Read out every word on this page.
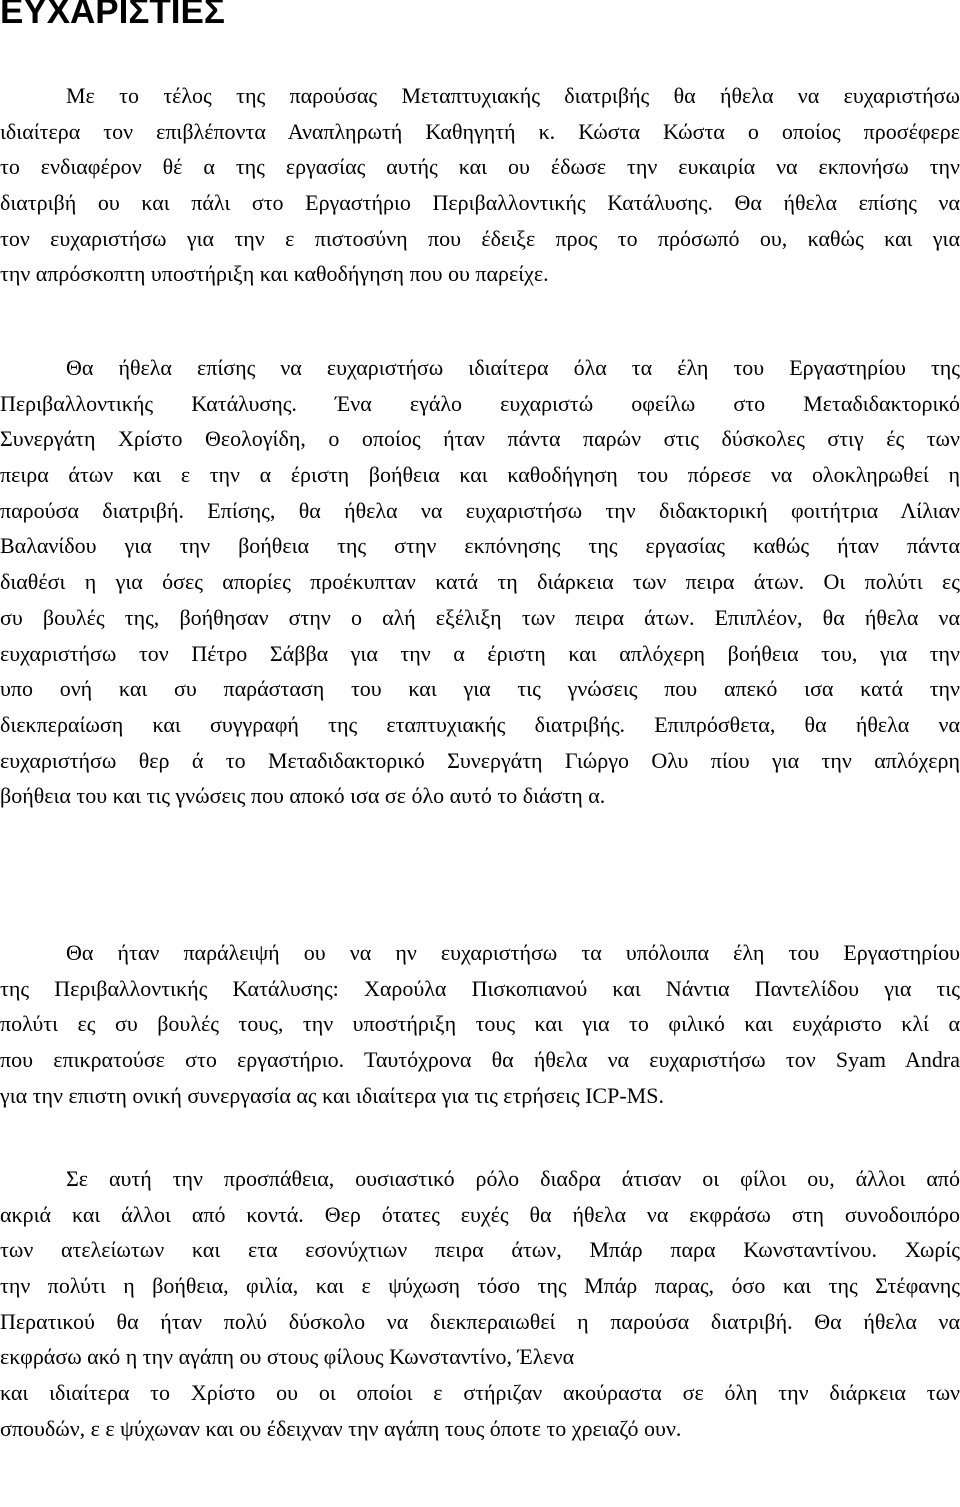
ΕΥΧΑΡΙΣΤΙΕΣ
Με το τέλος της παρούσας Μεταπτυχιακής διατριβής θα ήθελα να ευχαριστήσω
ιδιαίτερα τον επιβλέποντα Αναπληρωτή Καθηγητή κ. Κώστα Κώστα ο οποίος προσέφερε
το ενδιαφέρον θέ α της εργασίας αυτής και ου έδωσε την ευκαιρία να εκπονήσω την
διατριβή ου και πάλι στο Εργαστήριο Περιβαλλοντικής Κατάλυσης. Θα ήθελα επίσης να
τον ευχαριστήσω για την ε πιστοσύνη που έδειξε προς το πρόσωπό ου, καθώς και για
την απρόσκοπτη υποστήριξη και καθοδήγηση που ου παρείχε.
Θα ήθελα επίσης να ευχαριστήσω ιδιαίτερα όλα τα έλη του Εργαστηρίου της
Περιβαλλοντικής Κατάλυσης. Ένα εγάλο ευχαριστώ οφείλω στο Μεταδιδακτορικό
Συνεργάτη Χρίστο Θεολογίδη, ο οποίος ήταν πάντα παρών στις δύσκολες στιγ ές των
πειρα άτων και ε την α έριστη βοήθεια και καθοδήγηση του πόρεσε να ολοκληρωθεί η
παρούσα διατριβή. Επίσης, θα ήθελα να ευχαριστήσω την διδακτορική φοιτήτρια Λίλιαν
Βαλανίδου για την βοήθεια της στην εκπόνησης της εργασίας καθώς ήταν πάντα
διαθέσι η για όσες απορίες προέκυπταν κατά τη διάρκεια των πειρα άτων. Οι πολύτι ες
συ βουλές της, βοήθησαν στην ο αλή εξέλιξη των πειρα άτων. Επιπλέον, θα ήθελα να
ευχαριστήσω τον Πέτρο Σάββα για την α έριστη και απλόχερη βοήθεια του, για την
υπο ονή και συ παράσταση του και για τις γνώσεις που απεκό ισα κατά την
διεκπεραίωση και συγγραφή της εταπτυχιακής διατριβής. Επιπρόσθετα, θα ήθελα να
ευχαριστήσω θερ ά το Μεταδιδακτορικό Συνεργάτη Γιώργο Ολυ πίου για την απλόχερη
βοήθεια του και τις γνώσεις που αποκό ισα σε όλο αυτό το διάστη α.
Θα ήταν παράλειψή ου να ην ευχαριστήσω τα υπόλοιπα έλη του Εργαστηρίου
της Περιβαλλοντικής Κατάλυσης: Χαρούλα Πισκοπιανού και Νάντια Παντελίδου για τις
πολύτι ες συ βουλές τους, την υποστήριξη τους και για το φιλικό και ευχάριστο κλί α
που επικρατούσε στο εργαστήριο. Ταυτόχρονα θα ήθελα να ευχαριστήσω τον Syam Andra
για την επιστη ονική συνεργασία ας και ιδιαίτερα για τις ετρήσεις ICP-MS.
Σε αυτή την προσπάθεια, ουσιαστικό ρόλο διαδρα άτισαν οι φίλοι ου, άλλοι από
ακριά και άλλοι από κοντά. Θερ ότατες ευχές θα ήθελα να εκφράσω στη συνοδοιπόρο
των ατελείωτων και ετα εσονύχτιων πειρα άτων, Μπάρ παρα Κωνσταντίνου. Χωρίς
την πολύτι η βοήθεια, φιλία, και ε ψύχωση τόσο της Μπάρ παρας, όσο και της Στέφανης
Περατικού θα ήταν πολύ δύσκολο να διεκπεραιωθεί η παρούσα διατριβή. Θα ήθελα να
εκφράσω ακό η την αγάπη ου στους φίλους Κωνσταντίνο, Έλενα
και ιδιαίτερα το Χρίστο ου οι οποίοι ε στήριζαν ακούραστα σε όλη την διάρκεια των
σπουδών, ε ε ψύχωναν και ου έδειχναν την αγάπη τους όποτε το χρειαζό ουν.
